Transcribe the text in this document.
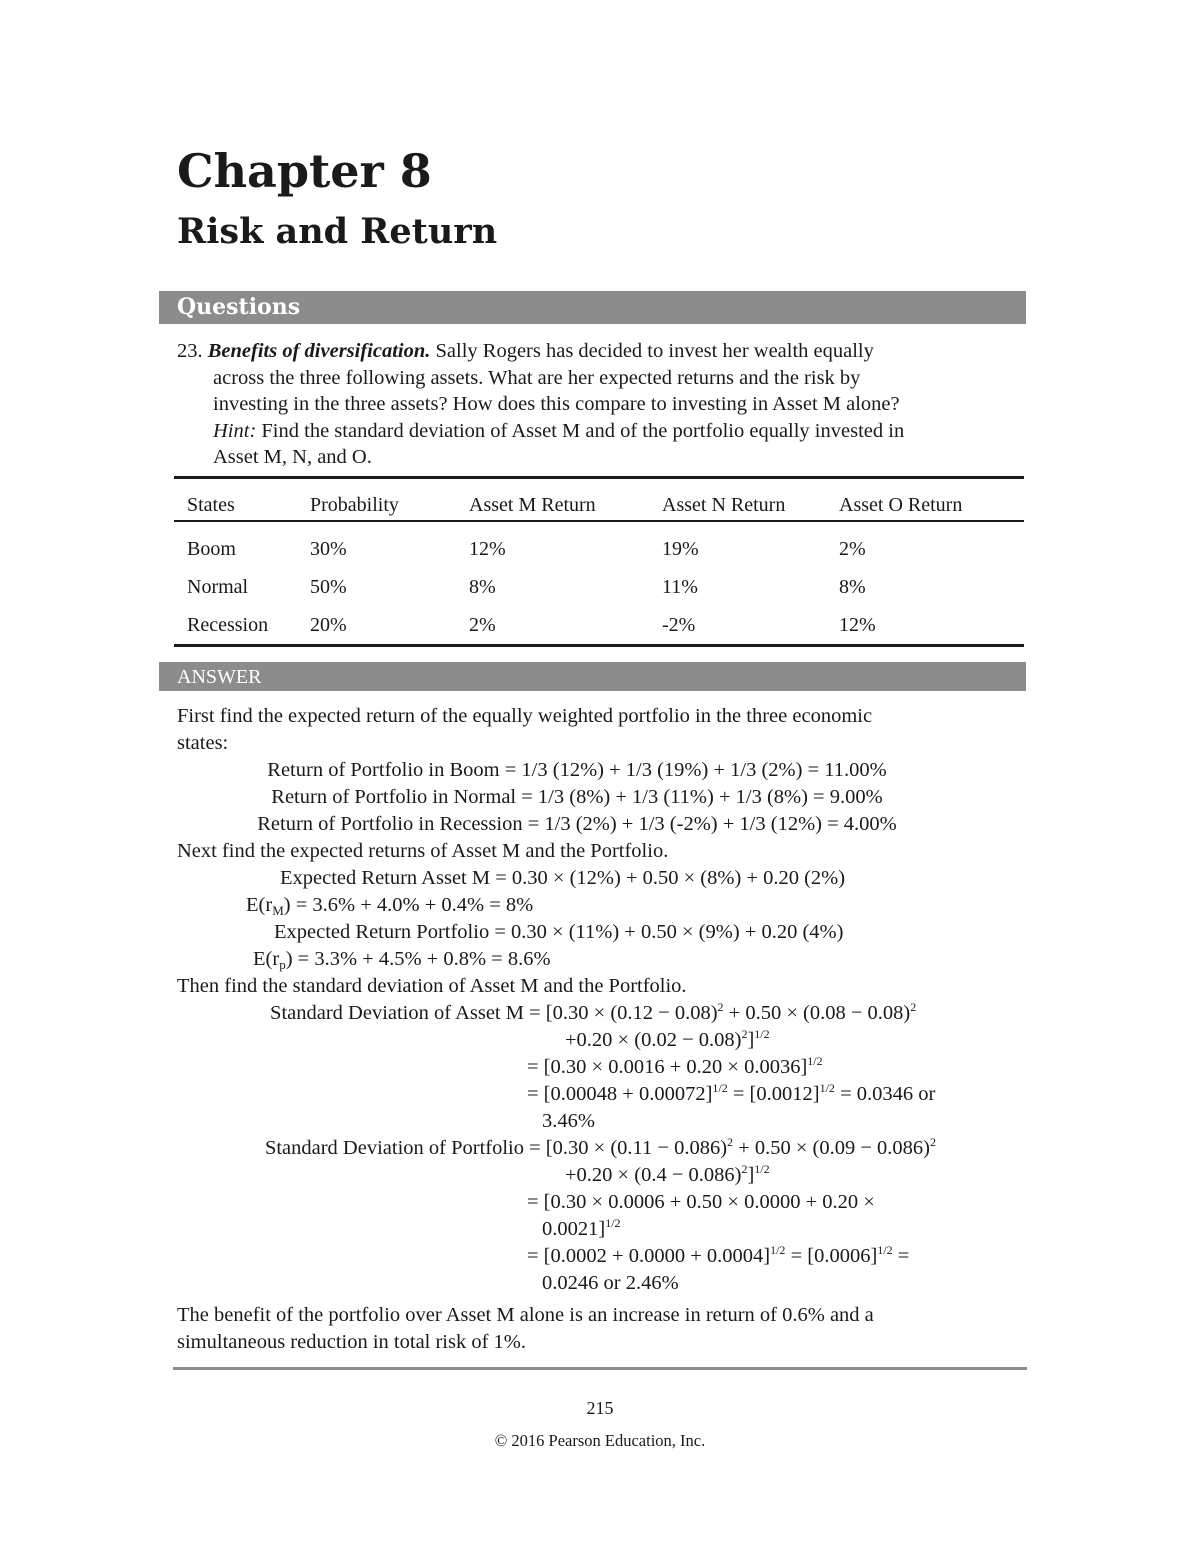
Chapter 8
Risk and Return
Questions
23. Benefits of diversification. Sally Rogers has decided to invest her wealth equally
across the three following assets. What are her expected returns and the risk by
investing in the three assets? How does this compare to investing in Asset M alone?
Hint: Find the standard deviation of Asset M and of the portfolio equally invested in
Asset M, N, and O.
States	Probability	Asset M Return	Asset N Return	Asset O Return
Boom	30%	12%	19%	2%
Normal	50%	8%	11%	8%
Recession	20%	2%	-2%	12%
ANSWER
First find the expected return of the equally weighted portfolio in the three economic
states:
Return of Portfolio in Boom = 1/3 (12%) + 1/3 (19%) + 1/3 (2%) = 11.00%
Return of Portfolio in Normal = 1/3 (8%) + 1/3 (11%) + 1/3 (8%) = 9.00%
Return of Portfolio in Recession = 1/3 (2%) + 1/3 (-2%) + 1/3 (12%) = 4.00%
Next find the expected returns of Asset M and the Portfolio.
Expected Return Asset M = 0.30 × (12%) + 0.50 × (8%) + 0.20 (2%)
$E(r_M) = 3.6\% + 4.0\% + 0.4\% = 8\%$
Expected Return Portfolio = 0.30 × (11%) + 0.50 × (9%) + 0.20 (4%)
$E(r_p) = 3.3\% + 4.5\% + 0.8\% = 8.6\%$
Then find the standard deviation of Asset M and the Portfolio.
Standard Deviation of Asset $M = [0.30 \times (0.12 - 0.08)^2 + 0.50 \times (0.08 - 0.08)^2$
$+0.20 \times (0.02 - 0.08)^2]^{1/2}$
= $[0.30 \times 0.0016 + 0.20 \times 0.0036]^{1/2}$
= $[0.00048 + 0.00072]^{1/2} = [0.0012]^{1/2} = 0.0346$ or
3.46%
Standard Deviation of Portfolio = [$0.30 \times (0.11 - 0.086)^2 + 0.50 \times (0.09 - 0.086)^2$
$+0.20 \times (0.4 - 0.086)^2]^{1/2}$
= [0.30 × 0.0006 + 0.50 × 0.0000 + 0.20 ×
0.0021]$^{1/2}$
= $[0.0002 + 0.0000 + 0.0004]^{1/2} = [0.0006]^{1/2}$ =
0.0246 or 2.46%
The benefit of the portfolio over Asset M alone is an increase in return of 0.6% and a
simultaneous reduction in total risk of 1%.
215
© 2016 Pearson Education, Inc.
